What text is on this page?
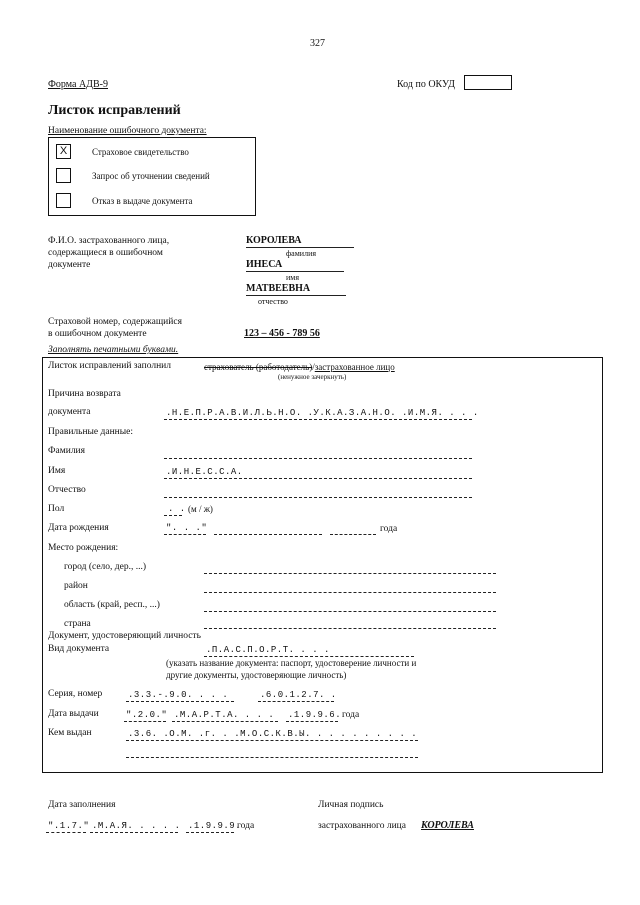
327
Форма АДВ-9	Код по ОКУД
Листок исправлений
Наименование ошибочного документа:
X	Страховое свидетельство
Запрос об уточнении сведений
Отказ в выдаче документа
Ф.И.О. застрахованного лица,
содержащиеся в ошибочном
документе
КОРОЛЕВА
фамилия
ИНЕСА
имя
МАТВЕЕВНА
отчество
Страховой номер, содержащийся
в ошибочном документе	123 – 456 - 789 56
Заполнять печатными буквами.
Листок исправлений заполнил	страхователь (работодатель)/застрахованное лицо
(ненужное зачеркнуть)
Причина возврата
документа	.Н.Е.П.Р.А.В.И.Л.Ь.Н.О. .У.К.А.З.А.Н.О. .И.М.Я. . . .
Правильные данные:
Фамилия
Имя	.И.Н.Е.С.С.А.
Отчество
Пол	. . (м / ж)
Дата рождения	". . ."	года
Место рождения:
город (село, дер., ...)
район
область (край, респ., ...)
страна
Документ, удостоверяющий личность
Вид документа	.П.А.С.П.О.Р.Т. . . .
(указать название документа: паспорт, удостоверение личности и
другие документы, удостоверяющие личность)
Серия, номер	.3.3.-.9.0. . . .	.6.0.1.2.7. .
Дата выдачи	".2.0." .М.А.Р.Т.А. . . . .1.9.9.6. года
Кем выдан	.3.6. .О.М. .г. . .М.О.С.К.В.Ы. . . . . . . . . .
Дата заполнения
".1.7." .М.А.Я. . . . . .1.9.9.9.
года
Личная подпись
застрахованного лица КОРОЛЕВА
